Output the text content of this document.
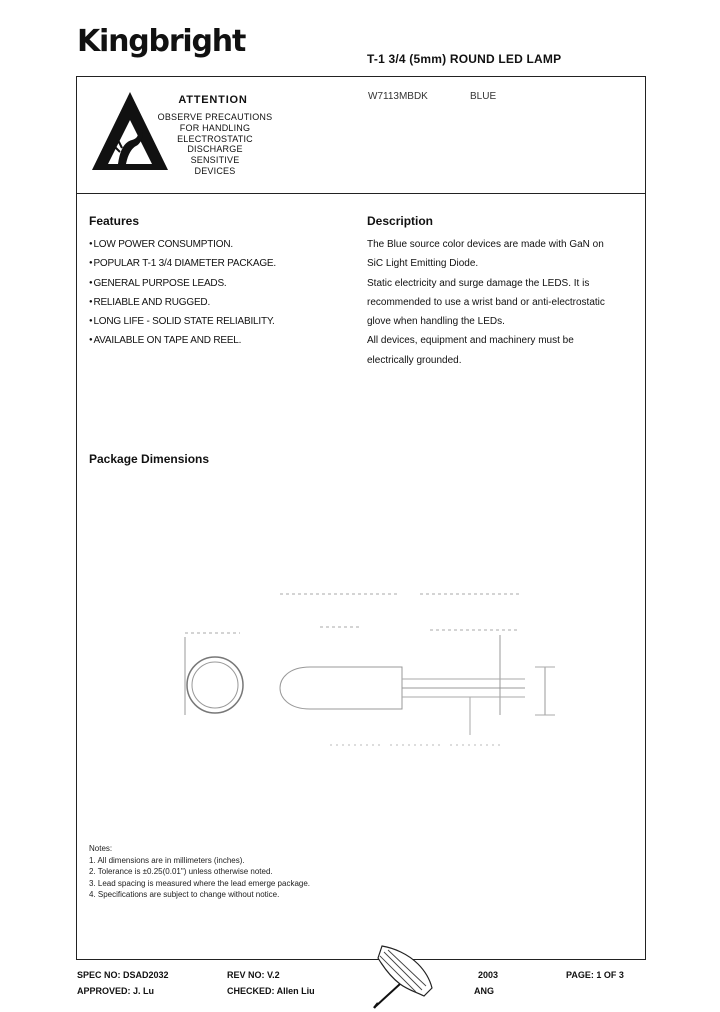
Kingbright	T-1 3/4 (5mm) ROUND LED LAMP
ATTENTION
OBSERVE PRECAUTIONS
FOR HANDLING
ELECTROSTATIC
DISCHARGE
SENSITIVE
DEVICES
W7113MBDK	BLUE
Features
● LOW POWER CONSUMPTION.
● POPULAR T-1 3/4 DIAMETER PACKAGE.
● GENERAL PURPOSE LEADS.
● RELIABLE AND RUGGED.
● LONG LIFE - SOLID STATE RELIABILITY.
● AVAILABLE ON TAPE AND REEL.
Description
The Blue source color devices are made with GaN on
SiC Light Emitting Diode.
Static electricity and surge damage the LEDS. It is
recommended to use a wrist band or anti-electrostatic
glove when handling the LEDs.
All devices, equipment and machinery must be
electrically grounded.
Package Dimensions
Notes:
1. All dimensions are in millimeters (inches).
2. Tolerance is ±0.25(0.01") unless otherwise noted.
3. Lead spacing is measured where the lead emerge package.
4. Specifications are subject to change without notice.
SPEC NO: DSAD2032	REV NO: V.2	2003	PAGE: 1 OF 3
APPROVED: J. Lu	CHECKED: Allen Liu	ANG
